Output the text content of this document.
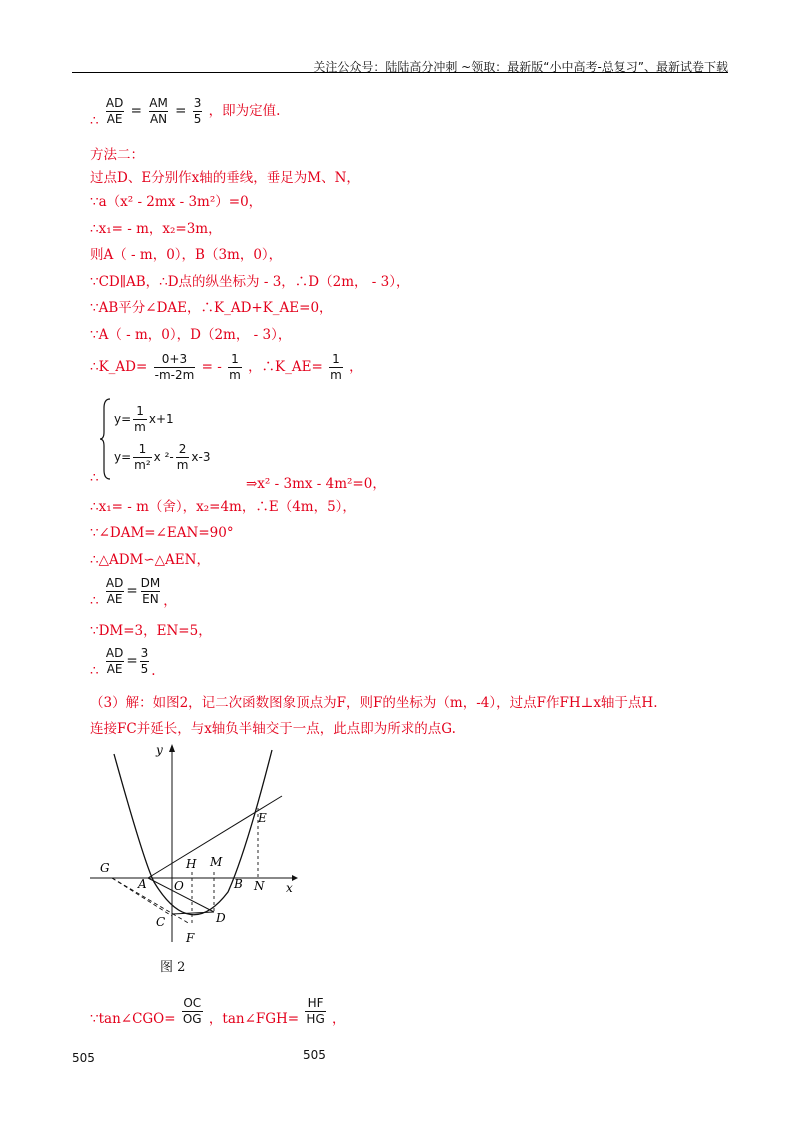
关注公众号：陆陆高分冲刺 ~领取：最新版“小中高考-总复习”、最新试卷下载
∴ $\frac{AD}{AE} = \frac{AM}{AN} = \frac{3}{5}$ ，即为定值.
方法二：
过点D、E分别作x轴的垂线，垂足为M、N，
∵a（x² - 2mx - 3m²）=0，
∴x₁= - m，x₂=3m，
则A（ - m，0），B（3m，0），
∵CD∥AB，∴D点的纵坐标为 - 3，∴D（2m， - 3），
∵AB平分∠DAE，∴K_AD+K_AE=0，
∵A（ - m，0），D（2m， - 3），
∴K_AD= $\frac{0+3}{-m-2m}$ = - $\frac{1}{m}$ ，∴K_AE= $\frac{1}{m}$ ，
$y= \frac{1}{m} x+1$
$y= \frac{1}{\text{m²}}$ x $^2- \frac{2}{m} x-3$
∴	⇒x² - 3mx - 4m²=0，
∴x₁= - m（舍），x₂=4m，∴E（4m，5），
∵∠DAM=∠EAN=90°
∴△ADM∽△AEN，
∴ $\frac{AD}{AE} = \frac{DM}{EN}$ ，
∵DM=3，EN=5，
∴ $\frac{AD}{AE} = \frac{3}{5}$ .
（3）解：如图2，记二次函数图象顶点为F，则F的坐标为（m，-4），过点F作FH⊥x轴于点H.
连接FC并延长，与x轴负半轴交于一点，此点即为所求的点G.
y
x
G
A O
H M
B N
E
C	D
F
图 2
∵tan∠CGO= $\frac{OC}{OG}$ ，tan∠FGH= $\frac{HF}{HG}$ ，
505	505
